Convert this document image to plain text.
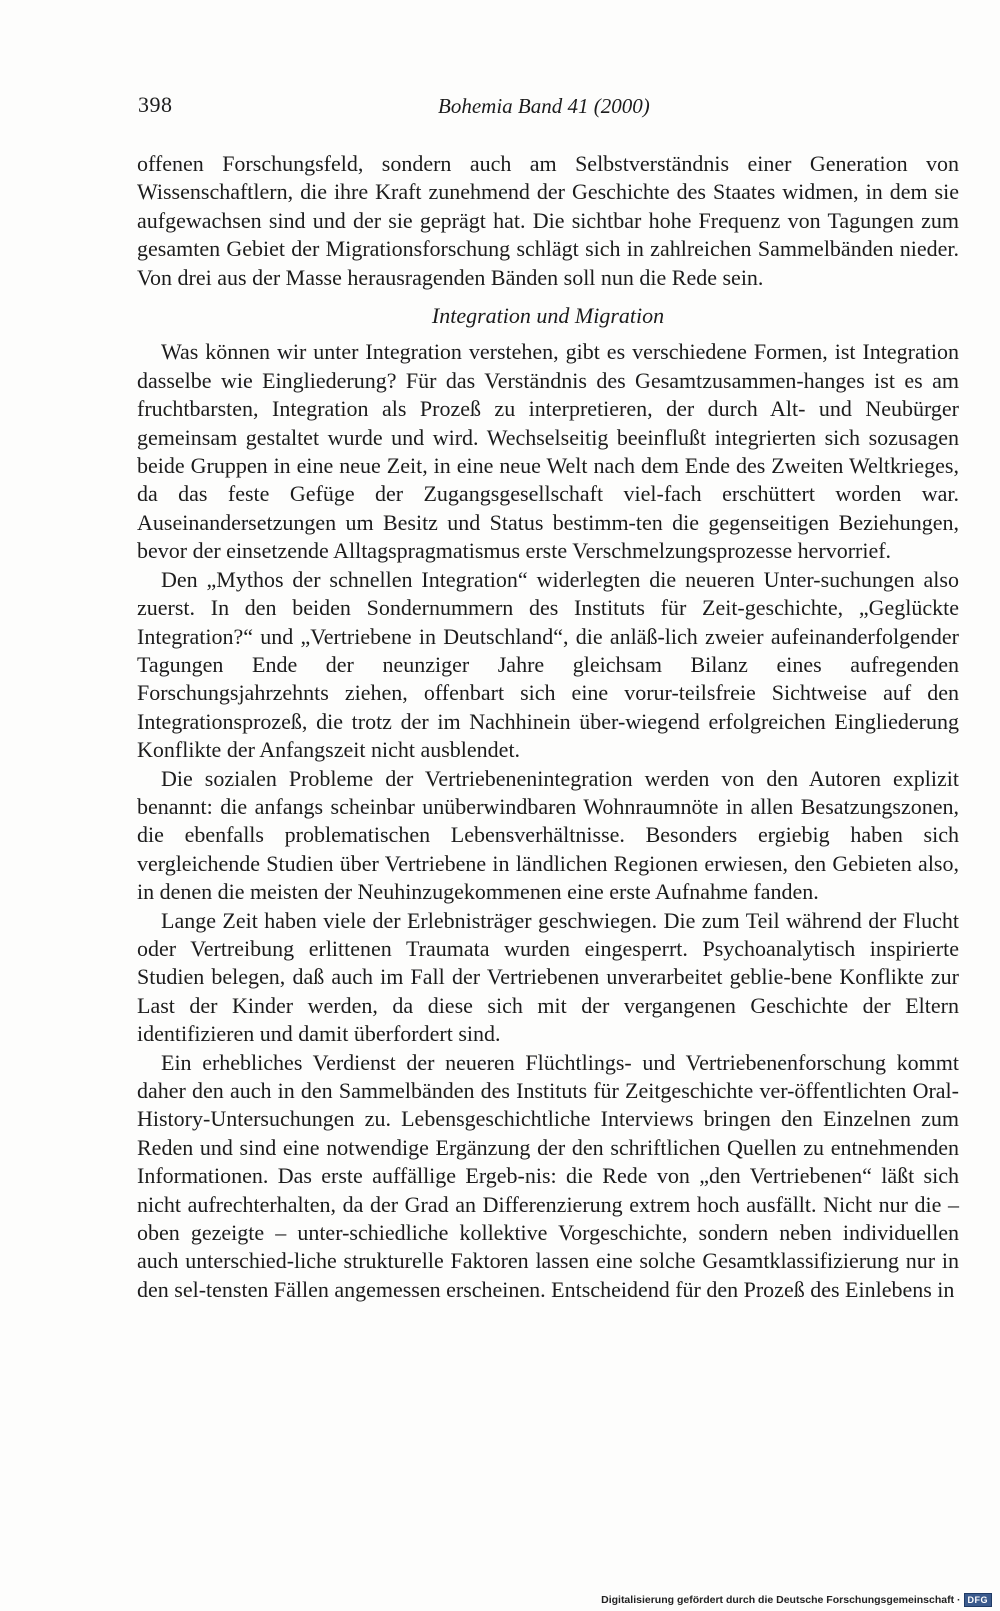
398	Bohemia Band 41 (2000)

offenen Forschungsfeld, sondern auch am Selbstverständnis einer Generation von Wissenschaftlern, die ihre Kraft zunehmend der Geschichte des Staates widmen, in dem sie aufgewachsen sind und der sie geprägt hat. Die sichtbar hohe Frequenz von Tagungen zum gesamten Gebiet der Migrationsforschung schlägt sich in zahlreichen Sammelbänden nieder. Von drei aus der Masse herausragenden Bänden soll nun die Rede sein.

Integration und Migration

Was können wir unter Integration verstehen, gibt es verschiedene Formen, ist Integration dasselbe wie Eingliederung? Für das Verständnis des Gesamtzusammen-hanges ist es am fruchtbarsten, Integration als Prozeß zu interpretieren, der durch Alt- und Neubürger gemeinsam gestaltet wurde und wird. Wechselseitig beeinflußt integrierten sich sozusagen beide Gruppen in eine neue Zeit, in eine neue Welt nach dem Ende des Zweiten Weltkrieges, da das feste Gefüge der Zugangsgesellschaft viel-fach erschüttert worden war. Auseinandersetzungen um Besitz und Status bestimm-ten die gegenseitigen Beziehungen, bevor der einsetzende Alltagspragmatismus erste Verschmelzungsprozesse hervorrief.

Den „Mythos der schnellen Integration“ widerlegten die neueren Unter-suchungen also zuerst. In den beiden Sondernummern des Instituts für Zeit-geschichte, „Geglückte Integration?“ und „Vertriebene in Deutschland“, die anläß-lich zweier aufeinanderfolgender Tagungen Ende der neunziger Jahre gleichsam Bilanz eines aufregenden Forschungsjahrzehnts ziehen, offenbart sich eine vorur-teilsfreie Sichtweise auf den Integrationsprozeß, die trotz der im Nachhinein über-wiegend erfolgreichen Eingliederung Konflikte der Anfangszeit nicht ausblendet.

Die sozialen Probleme der Vertriebenenintegration werden von den Autoren explizit benannt: die anfangs scheinbar unüberwindbaren Wohnraumnöte in allen Besatzungszonen, die ebenfalls problematischen Lebensverhältnisse. Besonders ergiebig haben sich vergleichende Studien über Vertriebene in ländlichen Regionen erwiesen, den Gebieten also, in denen die meisten der Neuhinzugekommenen eine erste Aufnahme fanden.

Lange Zeit haben viele der Erlebnisträger geschwiegen. Die zum Teil während der Flucht oder Vertreibung erlittenen Traumata wurden eingesperrt. Psychoanalytisch inspirierte Studien belegen, daß auch im Fall der Vertriebenen unverarbeitet geblie-bene Konflikte zur Last der Kinder werden, da diese sich mit der vergangenen Geschichte der Eltern identifizieren und damit überfordert sind.

Ein erhebliches Verdienst der neueren Flüchtlings- und Vertriebenenforschung kommt daher den auch in den Sammelbänden des Instituts für Zeitgeschichte ver-öffentlichten Oral-History-Untersuchungen zu. Lebensgeschichtliche Interviews bringen den Einzelnen zum Reden und sind eine notwendige Ergänzung der den schriftlichen Quellen zu entnehmenden Informationen. Das erste auffällige Ergeb-nis: die Rede von „den Vertriebenen“ läßt sich nicht aufrechterhalten, da der Grad an Differenzierung extrem hoch ausfällt. Nicht nur die – oben gezeigte – unter-schiedliche kollektive Vorgeschichte, sondern neben individuellen auch unterschied-liche strukturelle Faktoren lassen eine solche Gesamtklassifizierung nur in den sel-tensten Fällen angemessen erscheinen. Entscheidend für den Prozeß des Einlebens in

Digitalisierung gefördert durch die Deutsche Forschungsgemeinschaft · DFG
